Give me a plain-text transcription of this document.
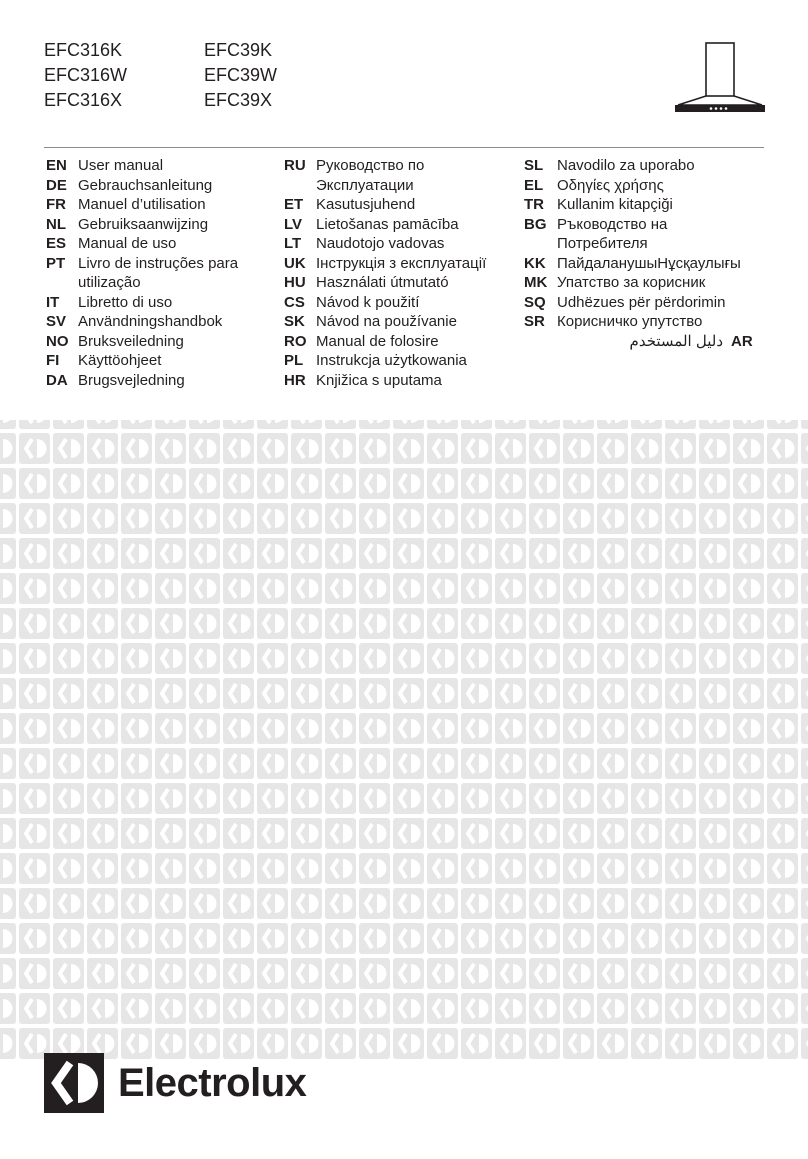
EFC316K
EFC316W
EFC316X
EFC39K
EFC39W
EFC39X
EN User manual
DE Gebrauchsanleitung
FR Manuel d’utilisation
NL Gebruiksaanwijzing
ES Manual de uso
PT Livro de instruções para
utilização
IT	Libretto di uso
SV Användningshandbok
NO Bruksveiledning
FI	Käyttöohjeet
DA Brugsvejledning
RU Руководство по
Эксплуатации
ET Kasutusjuhend
LV Lietošanas pamācība
LT Naudotojo vadovas
UK Інструкція з експлуатації
HU Használati útmutató
CS Návod k použití
SK Návod na používanie
RO Manual de folosire
PL Instrukcja użytkowania
HR Knjižica s uputama
SL Navodilo za uporabo
EL Οδηγίες χρήσης
TR Kullanim kitapçiği
BG Ръководство на
Потребителя
KK ПайдаланушыНұсқаулығы
MK Упатство за корисник
SQ Udhëzues për përdorimin
SR Корисничко упутство
دليل المستخدم AR
Electrolux
